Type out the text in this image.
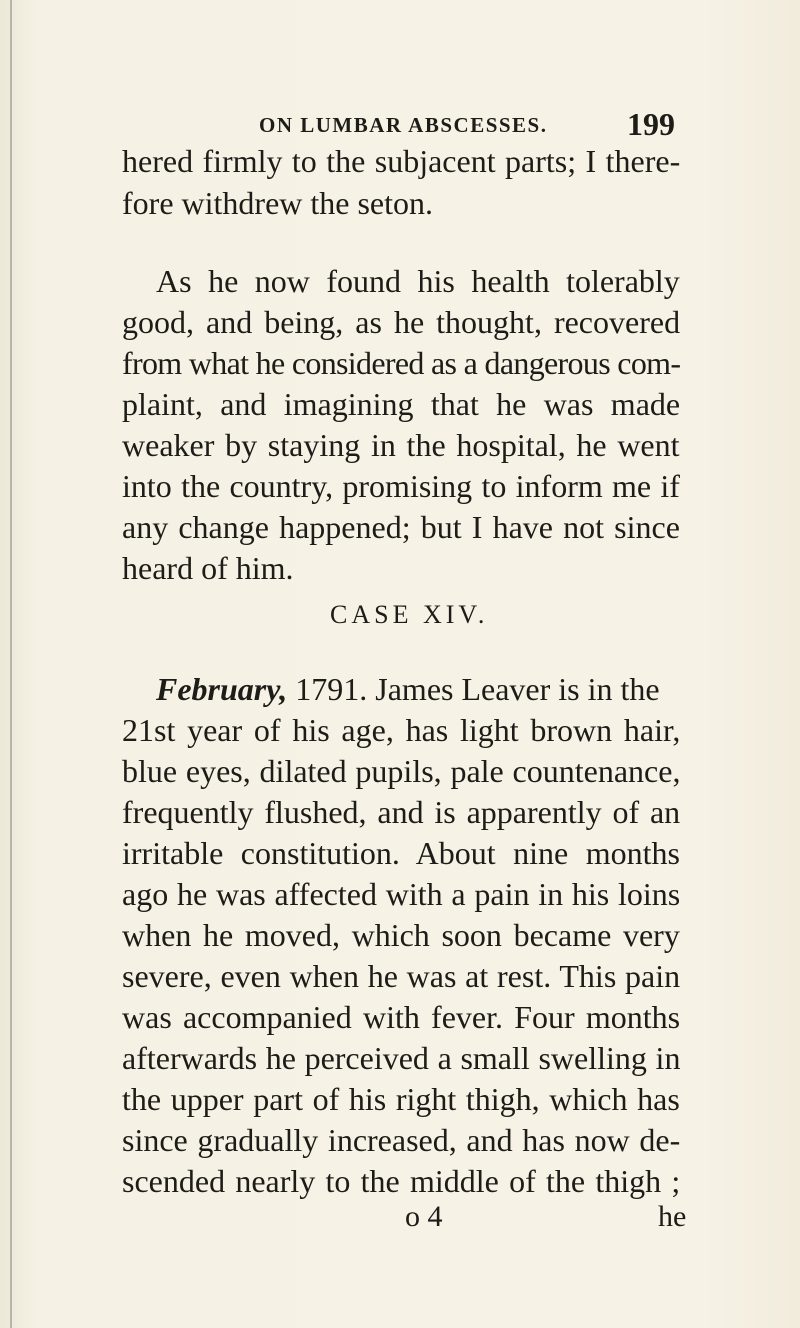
ON LUMBAR ABSCESSES. 199
hered firmly to the subjacent parts; I there-
fore withdrew the seton.
As he now found his health tolerably
good, and being, as he thought, recovered
from what he considered as a dangerous com-
plaint, and imagining that he was made
weaker by staying in the hospital, he went
into the country, promising to inform me if
any change happened; but I have not since
heard of him.
CASE XIV.
February, 1791. James Leaver is in the
21st year of his age, has light brown hair,
blue eyes, dilated pupils, pale countenance,
frequently flushed, and is apparently of an
irritable constitution. About nine months
ago he was affected with a pain in his loins
when he moved, which soon became very
severe, even when he was at rest. This pain
was accompanied with fever. Four months
afterwards he perceived a small swelling in
the upper part of his right thigh, which has
since gradually increased, and has now de-
scended nearly to the middle of the thigh ;
o 4	he
